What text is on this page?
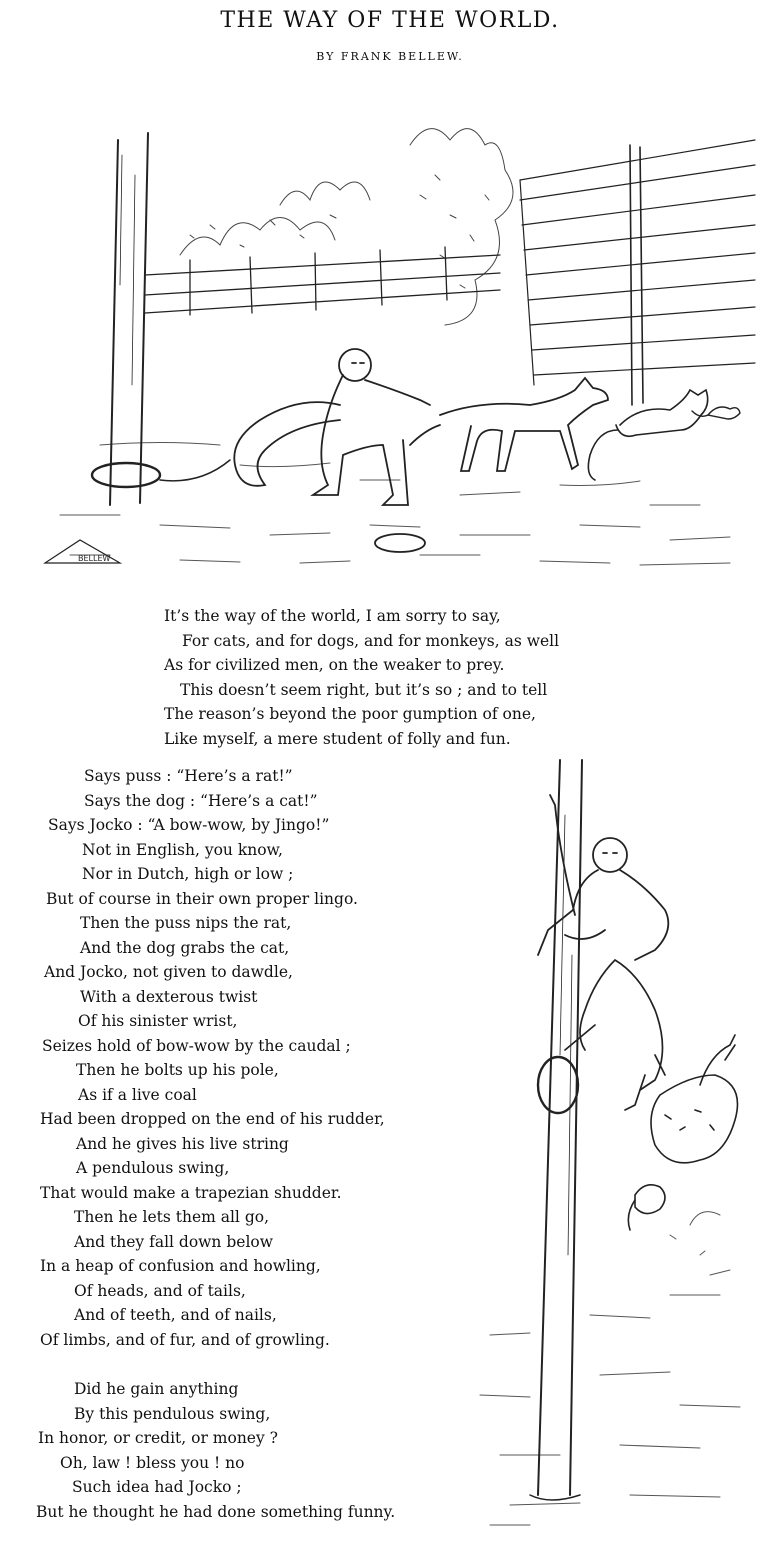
THE WAY OF THE WORLD.
BY FRANK BELLEW.
BELLEW
It’s the way of the world, I am sorry to say,
For cats, and for dogs, and for monkeys, as well
As for civilized men, on the weaker to prey.
This doesn’t seem right, but it’s so ; and to tell
The reason’s beyond the poor gumption of one,
Like myself, a mere student of folly and fun.
Says puss : “Here’s a rat!”
Says the dog : “Here’s a cat!”
Says Jocko : “A bow-wow, by Jingo!”
Not in English, you know,
Nor in Dutch, high or low ;
But of course in their own proper lingo.
Then the puss nips the rat,
And the dog grabs the cat,
And Jocko, not given to dawdle,
With a dexterous twist
Of his sinister wrist,
Seizes hold of bow-wow by the caudal ;
Then he bolts up his pole,
As if a live coal
Had been dropped on the end of his rudder,
And he gives his live string
A pendulous swing,
That would make a trapezian shudder.
Then he lets them all go,
And they fall down below
In a heap of confusion and howling,
Of heads, and of tails,
And of teeth, and of nails,
Of limbs, and of fur, and of growling.
Did he gain anything
By this pendulous swing,
In honor, or credit, or money ?
Oh, law ! bless you ! no
Such idea had Jocko ;
But he thought he had done something funny.
